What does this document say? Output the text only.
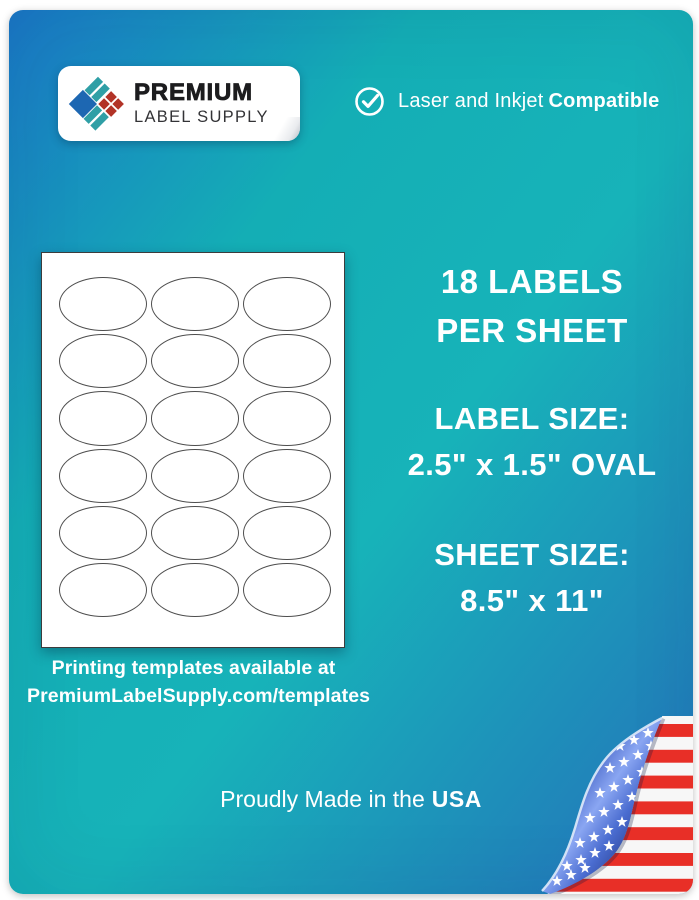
PREMIUM
LABEL SUPPLY
Laser and Inkjet Compatible
18 LABELS
PER SHEET
LABEL SIZE:
2.5" x 1.5" OVAL
SHEET SIZE:
8.5" x 11"
Printing templates available at
PremiumLabelSupply.com/templates
Proudly Made in the USA
